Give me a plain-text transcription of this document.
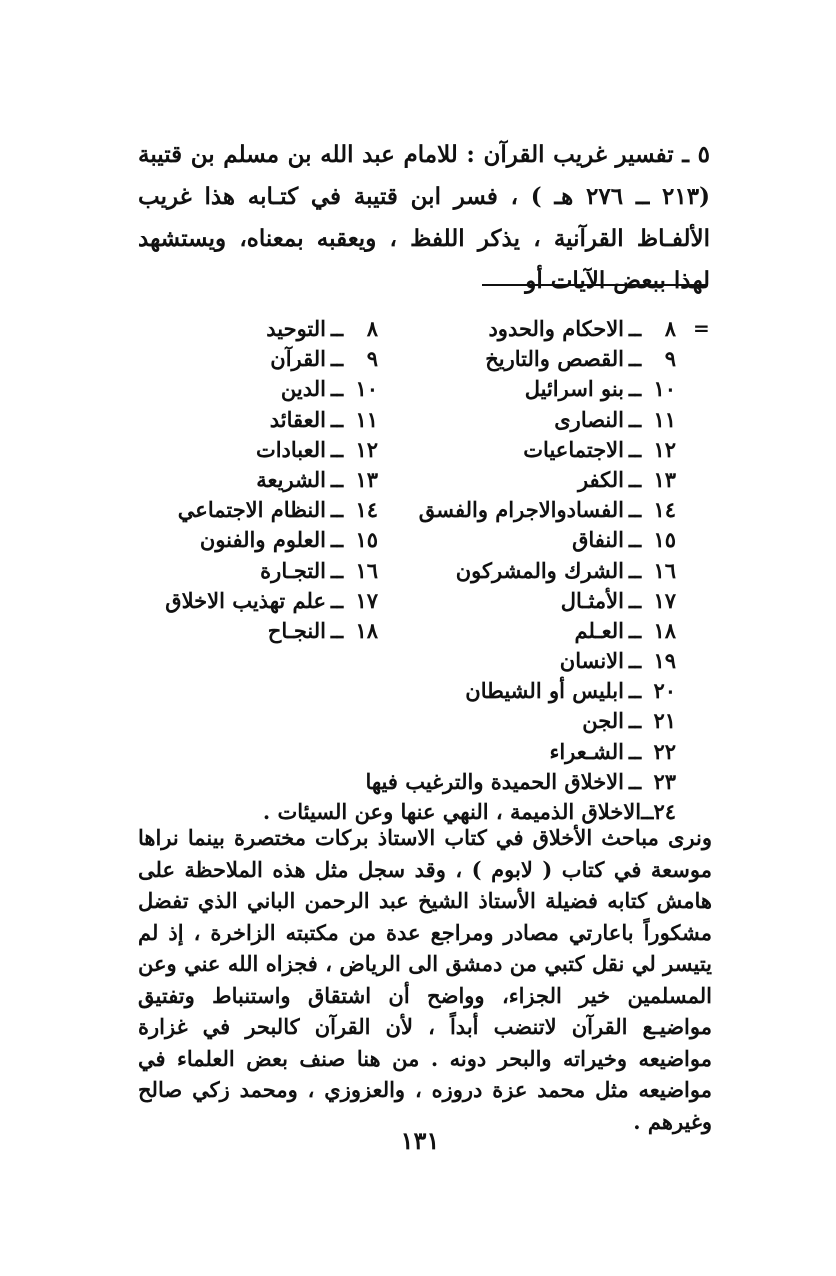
٥ ـ تفسير غريب القرآن : للامام عبد الله بن مسلم بن قتيبة (٢١٣ ــ ٢٧٦ هـ ) ، فسر ابن قتيبة في كتـابه هذا غريب الألفـاظ القرآنية ، يذكر اللفظ ، ويعقبه بمعناه، ويستشهد لهذا ببعض الآيات أو
=
٨
ــ
الاحكام والحدود
٩
ــ
القصص والتاريخ
١٠
ــ
بنو اسرائيل
١١
ــ
النصارى
١٢
ــ
الاجتماعيات
١٣
ــ
الكفر
١٤
ــ
الفسادوالاجرام والفسق
١٥
ــ
النفاق
١٦
ــ
الشرك والمشركون
١٧
ــ
الأمثـال
١٨
ــ
العـلم
١٩
ــ
الانسان
٢٠
ــ
ابليس أو الشيطان
٢١
ــ
الجن
٢٢
ــ
الشـعراء
٢٣
ــ
الاخلاق الحميدة والترغيب فيها
٢٤
ــ
الاخلاق الذميمة ، النهي عنها وعن السيئات .
٨
ــ
التوحيد
٩
ــ
القرآن
١٠
ــ
الدين
١١
ــ
العقائد
١٢
ــ
العبادات
١٣
ــ
الشريعة
١٤
ــ
النظام الاجتماعي
١٥
ــ
العلوم والفنون
١٦
ــ
التجـارة
١٧
ــ
علم تهذيب الاخلاق
١٨
ــ
النجـاح
ونرى مباحث الأخلاق في كتاب الاستاذ بركات مختصرة بينما نراها موسعة في كتاب ( لابوم ) ، وقد سجل مثل هذه الملاحظة على هامش كتابه فضيلة الأستاذ الشيخ عبد الرحمن الباني الذي تفضل مشكوراً باعارتي مصادر ومراجع عدة من مكتبته الزاخرة ، إذ لم يتيسر لي نقل كتبي من دمشق الى الرياض ، فجزاه الله عني وعن المسلمين خير الجزاء، وواضح أن اشتقاق واستنباط وتفتيق مواضيـع القرآن لاتنضب أبداً ، لأن القرآن كالبحر في غزارة مواضيعه وخيراته والبحر دونه . من هنا صنف بعض العلماء في مواضيعه مثل محمد عزة دروزه ، والعزوزي ، ومحمد زكي صالح وغيرهم .
١٣١
